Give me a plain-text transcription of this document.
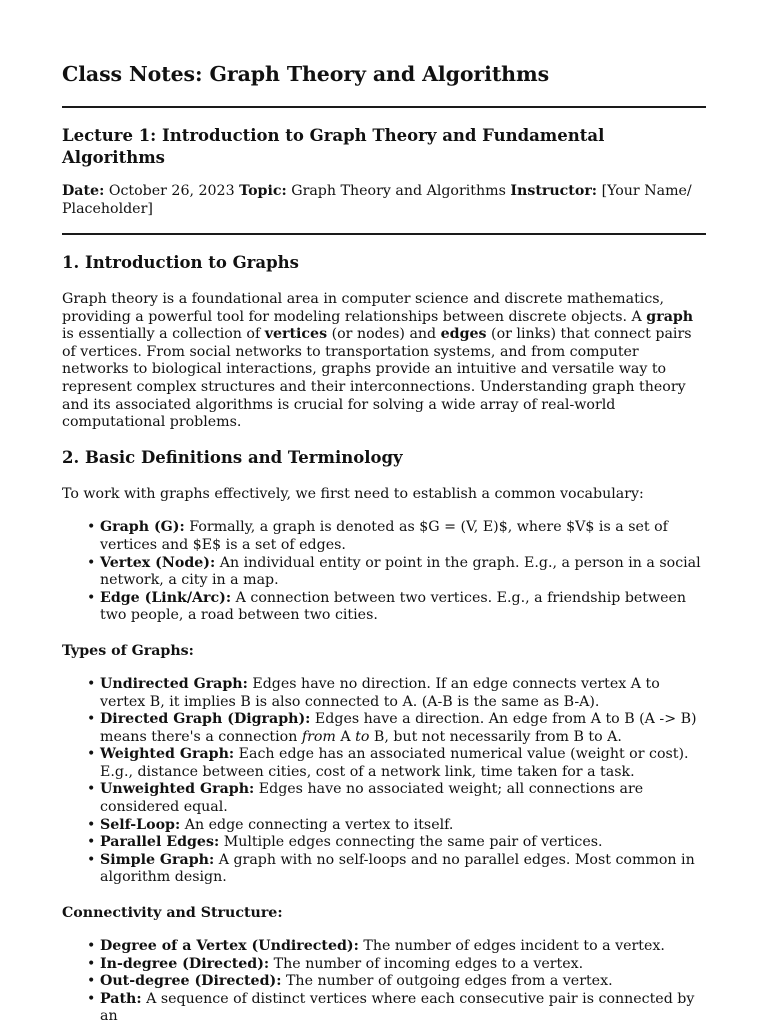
Class Notes: Graph Theory and Algorithms
Lecture 1: Introduction to Graph Theory and Fundamental Algorithms
Date: October 26, 2023 Topic: Graph Theory and Algorithms Instructor: [Your Name/ Placeholder]
1. Introduction to Graphs

Graph theory is a foundational area in computer science and discrete mathematics, providing a powerful tool for modeling relationships between discrete objects. A graph is essentially a collection of vertices (or nodes) and edges (or links) that connect pairs of vertices. From social networks to transportation systems, and from computer networks to biological interactions, graphs provide an intuitive and versatile way to represent complex structures and their interconnections. Understanding graph theory and its associated algorithms is crucial for solving a wide array of real-world computational problems.

2. Basic Definitions and Terminology

To work with graphs effectively, we first need to establish a common vocabulary:

• Graph (G): Formally, a graph is denoted as $G = (V, E)$, where $V$ is a set of vertices and $E$ is a set of edges.
• Vertex (Node): An individual entity or point in the graph. E.g., a person in a social network, a city in a map.
• Edge (Link/Arc): A connection between two vertices. E.g., a friendship between two people, a road between two cities.
Types of Graphs:
• Undirected Graph: Edges have no direction. If an edge connects vertex A to vertex B, it implies B is also connected to A. (A-B is the same as B-A).
• Directed Graph (Digraph): Edges have a direction. An edge from A to B (A -> B) means there's a connection from A to B, but not necessarily from B to A.
• Weighted Graph: Each edge has an associated numerical value (weight or cost). E.g., distance between cities, cost of a network link, time taken for a task.
• Unweighted Graph: Edges have no associated weight; all connections are considered equal.
• Self-Loop: An edge connecting a vertex to itself.
• Parallel Edges: Multiple edges connecting the same pair of vertices.
• Simple Graph: A graph with no self-loops and no parallel edges. Most common in algorithm design.
Connectivity and Structure:
• Degree of a Vertex (Undirected): The number of edges incident to a vertex.
• In-degree (Directed): The number of incoming edges to a vertex.
• Out-degree (Directed): The number of outgoing edges from a vertex.
• Path: A sequence of distinct vertices where each consecutive pair is connected by an
